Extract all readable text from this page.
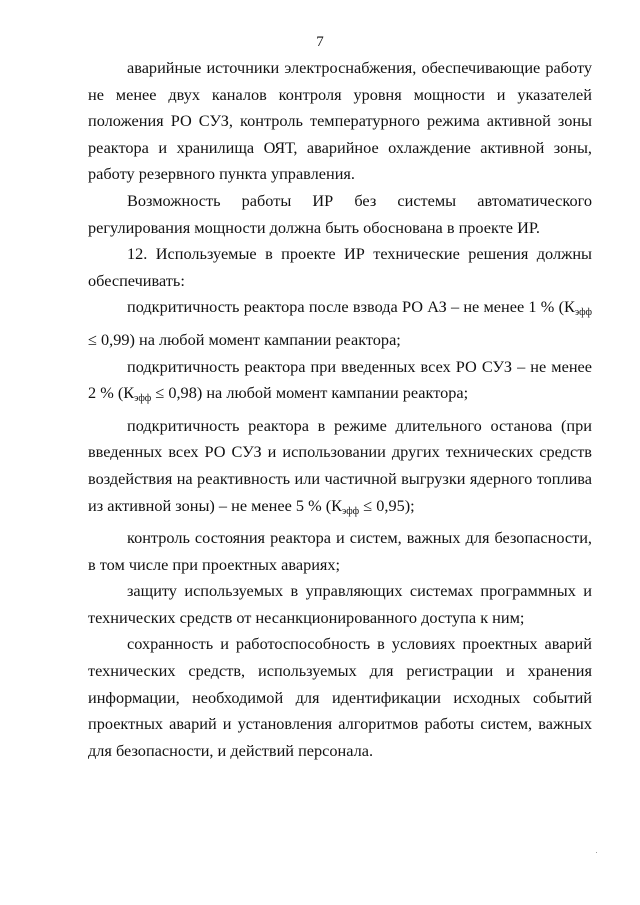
7

аварийные источники электроснабжения, обеспечивающие работу не менее двух каналов контроля уровня мощности и указателей положения РО СУЗ, контроль температурного режима активной зоны реактора и хранилища ОЯТ, аварийное охлаждение активной зоны, работу резервного пункта управления.

Возможность работы ИР без системы автоматического регулирования мощности должна быть обоснована в проекте ИР.

12. Используемые в проекте ИР технические решения должны обеспечивать:

подкритичность реактора после взвода РО АЗ – не менее 1 % $(К_{эфф} \le 0,99)$ на любой момент кампании реактора;

подкритичность реактора при введенных всех РО СУЗ – не менее 2 % $(К_{эфф} \le 0,98)$ на любой момент кампании реактора;

подкритичность реактора в режиме длительного останова (при введенных всех РО СУЗ и использовании других технических средств воздействия на реактивность или частичной выгрузки ядерного топлива из активной зоны) – не менее 5 % $(К_{эфф} \le 0,95)$;

контроль состояния реактора и систем, важных для безопасности, в том числе при проектных авариях;

защиту используемых в управляющих системах программных и технических средств от несанкционированного доступа к ним;

сохранность и работоспособность в условиях проектных аварий технических средств, используемых для регистрации и хранения информации, необходимой для идентификации исходных событий проектных аварий и установления алгоритмов работы систем, важных для безопасности, и действий персонала.
